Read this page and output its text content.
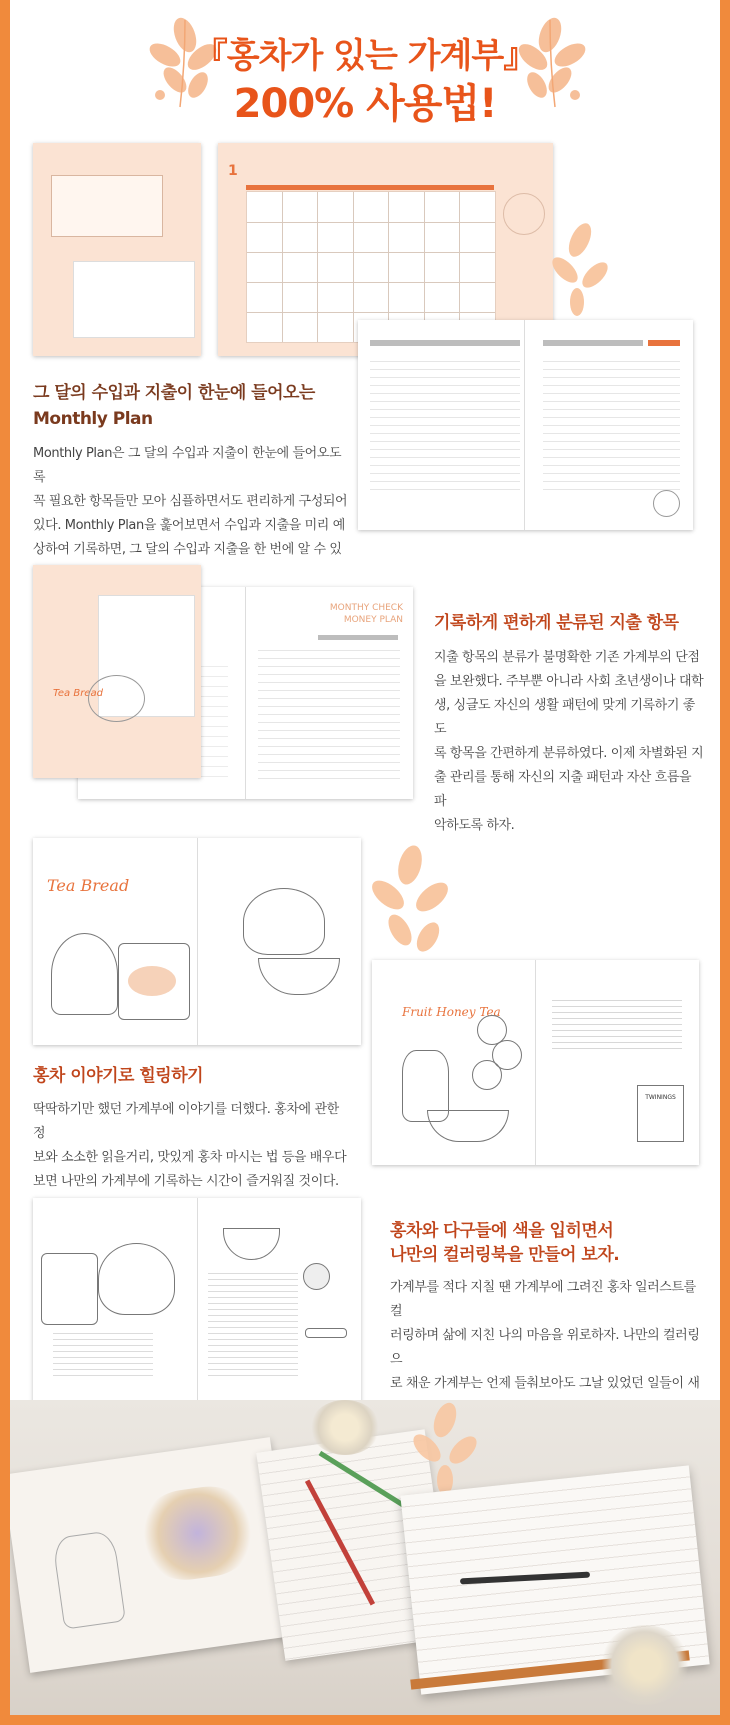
『홍차가 있는 가계부』
200% 사용법!
1
그 달의 수입과 지출이 한눈에 들어오는
Monthly Plan
Monthly Plan은 그 달의 수입과 지출이 한눈에 들어오도록
꼭 필요한 항목들만 모아 심플하면서도 편리하게 구성되어
있다. Monthly Plan을 훑어보면서 수입과 지출을 미리 예
상하여 기록하면, 그 달의 수입과 지출을 한 번에 알 수 있
MONTHY CHECK
MONEY PLAN
Tea Bread
기록하게 편하게 분류된 지출 항목
지출 항목의 분류가 불명확한 기존 가계부의 단점
을 보완했다. 주부뿐 아니라 사회 초년생이나 대학
생, 싱글도 자신의 생활 패턴에 맞게 기록하기 좋도
록 항목을 간편하게 분류하였다. 이제 차별화된 지
출 관리를 통해 자신의 지출 패턴과 자산 흐름을 파
악하도록 하자.
Tea Bread
Fruit Honey Tea
TWININGS
홍차 이야기로 힐링하기
딱딱하기만 했던 가계부에 이야기를 더했다. 홍차에 관한 정
보와 소소한 읽을거리, 맛있게 홍차 마시는 법 등을 배우다
보면 나만의 가계부에 기록하는 시간이 즐거워질 것이다.
홍차와 다구들에 색을 입히면서
나만의 컬러링북을 만들어 보자.
가계부를 적다 지칠 땐 가계부에 그려진 홍차 일러스트를 컬
러링하며 삶에 지친 나의 마음을 위로하자. 나만의 컬러링으
로 채운 가계부는 언제 들춰보아도 그날 있었던 일들이 새
